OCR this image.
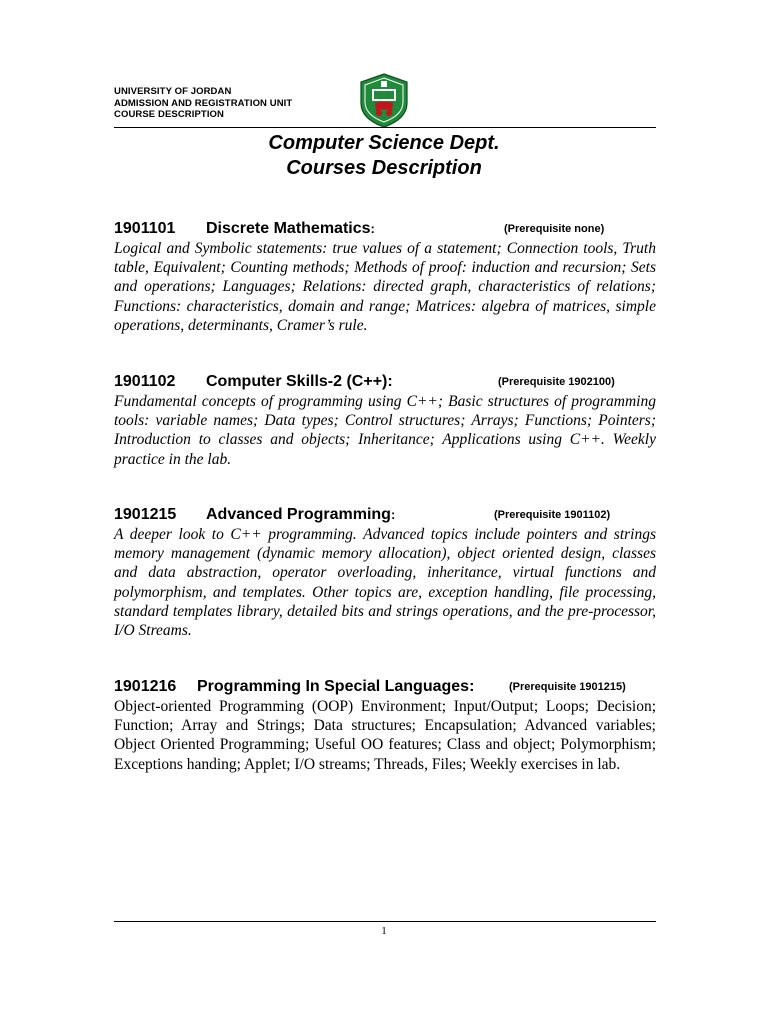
UNIVERSITY OF JORDAN
ADMISSION AND REGISTRATION UNIT
COURSE DESCRIPTION
Computer Science Dept.
Courses Description
1901101 Discrete Mathematics:	(Prerequisite none)
Logical and Symbolic statements: true values of a statement; Connection tools, Truth table, Equivalent; Counting methods; Methods of proof: induction and recursion; Sets and operations; Languages; Relations: directed graph, characteristics of relations; Functions: characteristics, domain and range; Matrices: algebra of matrices, simple operations, determinants, Cramer’s rule.
1901102 Computer Skills-2 (C++):	(Prerequisite 1902100)
Fundamental concepts of programming using C++; Basic structures of programming tools: variable names; Data types; Control structures; Arrays; Functions; Pointers; Introduction to classes and objects; Inheritance; Applications using C++. Weekly practice in the lab.
1901215 Advanced Programming:	(Prerequisite 1901102)
A deeper look to C++ programming. Advanced topics include pointers and strings memory management (dynamic memory allocation), object oriented design, classes and data abstraction, operator overloading, inheritance, virtual functions and polymorphism, and templates. Other topics are, exception handling, file processing, standard templates library, detailed bits and strings operations, and the pre-processor, I/O Streams.
1901216 Programming In Special Languages:	(Prerequisite 1901215)
Object-oriented Programming (OOP) Environment; Input/Output; Loops; Decision; Function; Array and Strings; Data structures; Encapsulation; Advanced variables; Object Oriented Programming; Useful OO features; Class and object; Polymorphism; Exceptions handing; Applet; I/O streams; Threads, Files; Weekly exercises in lab.
1
